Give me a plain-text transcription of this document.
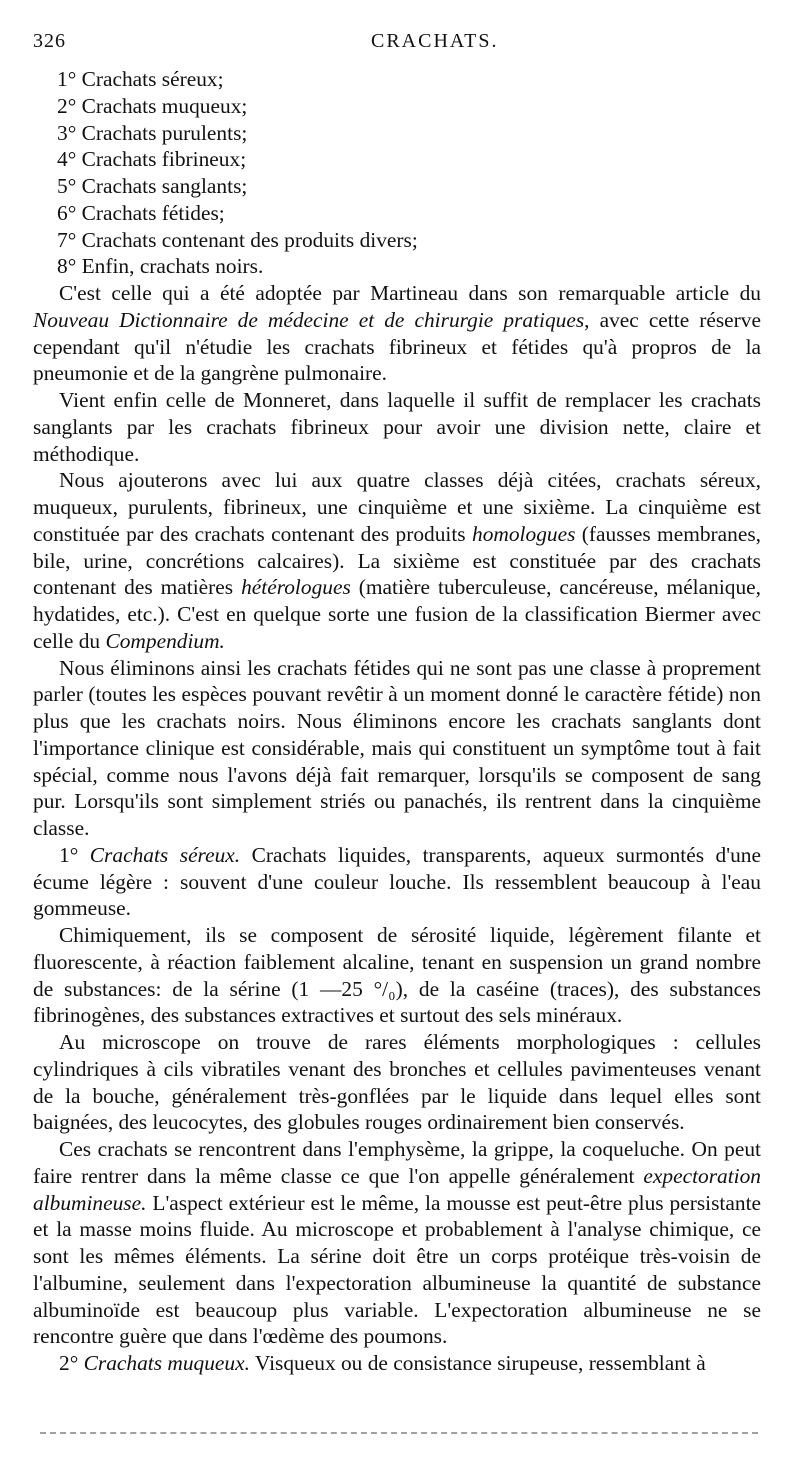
326	CRACHATS.
1° Crachats séreux;
2° Crachats muqueux;
3° Crachats purulents;
4° Crachats fibrineux;
5° Crachats sanglants;
6° Crachats fétides;
7° Crachats contenant des produits divers;
8° Enfin, crachats noirs.

C'est celle qui a été adoptée par Martineau dans son remarquable article du Nouveau Dictionnaire de médecine et de chirurgie pratiques, avec cette réserve cependant qu'il n'étudie les crachats fibrineux et fétides qu'à propros de la pneumonie et de la gangrène pulmonaire.

Vient enfin celle de Monneret, dans laquelle il suffit de remplacer les crachats sanglants par les crachats fibrineux pour avoir une division nette, claire et méthodique.

Nous ajouterons avec lui aux quatre classes déjà citées, crachats séreux, muqueux, purulents, fibrineux, une cinquième et une sixième. La cinquième est constituée par des crachats contenant des produits homologues (fausses membranes, bile, urine, concrétions calcaires). La sixième est constituée par des crachats contenant des matières hétérologues (matière tuberculeuse, cancéreuse, mélanique, hydatides, etc.). C'est en quelque sorte une fusion de la classification Biermer avec celle du Compendium.

Nous éliminons ainsi les crachats fétides qui ne sont pas une classe à proprement parler (toutes les espèces pouvant revêtir à un moment donné le caractère fétide) non plus que les crachats noirs. Nous éliminons encore les crachats sanglants dont l'importance clinique est considérable, mais qui constituent un symptôme tout à fait spécial, comme nous l'avons déjà fait remarquer, lorsqu'ils se composent de sang pur. Lorsqu'ils sont simplement striés ou panachés, ils rentrent dans la cinquième classe.

1° Crachats séreux. Crachats liquides, transparents, aqueux surmontés d'une écume légère : souvent d'une couleur louche. Ils ressemblent beaucoup à l'eau gommeuse.

Chimiquement, ils se composent de sérosité liquide, légèrement filante et fluorescente, à réaction faiblement alcaline, tenant en suspension un grand nombre de substances: de la sérine (1 —25 °/₀), de la caséine (traces), des substances fibrinogènes, des substances extractives et surtout des sels minéraux.

Au microscope on trouve de rares éléments morphologiques : cellules cylindriques à cils vibratiles venant des bronches et cellules pavimenteuses venant de la bouche, généralement très-gonflées par le liquide dans lequel elles sont baignées, des leucocytes, des globules rouges ordinairement bien conservés.

Ces crachats se rencontrent dans l'emphysème, la grippe, la coqueluche. On peut faire rentrer dans la même classe ce que l'on appelle généralement expectoration albumineuse. L'aspect extérieur est le même, la mousse est peut-être plus persistante et la masse moins fluide. Au microscope et probablement à l'analyse chimique, ce sont les mêmes éléments. La sérine doit être un corps protéique très-voisin de l'albumine, seulement dans l'expectoration albumineuse la quantité de substance albuminoïde est beaucoup plus variable. L'expectoration albumineuse ne se rencontre guère que dans l'œdème des poumons.

2° Crachats muqueux. Visqueux ou de consistance sirupeuse, ressemblant à
